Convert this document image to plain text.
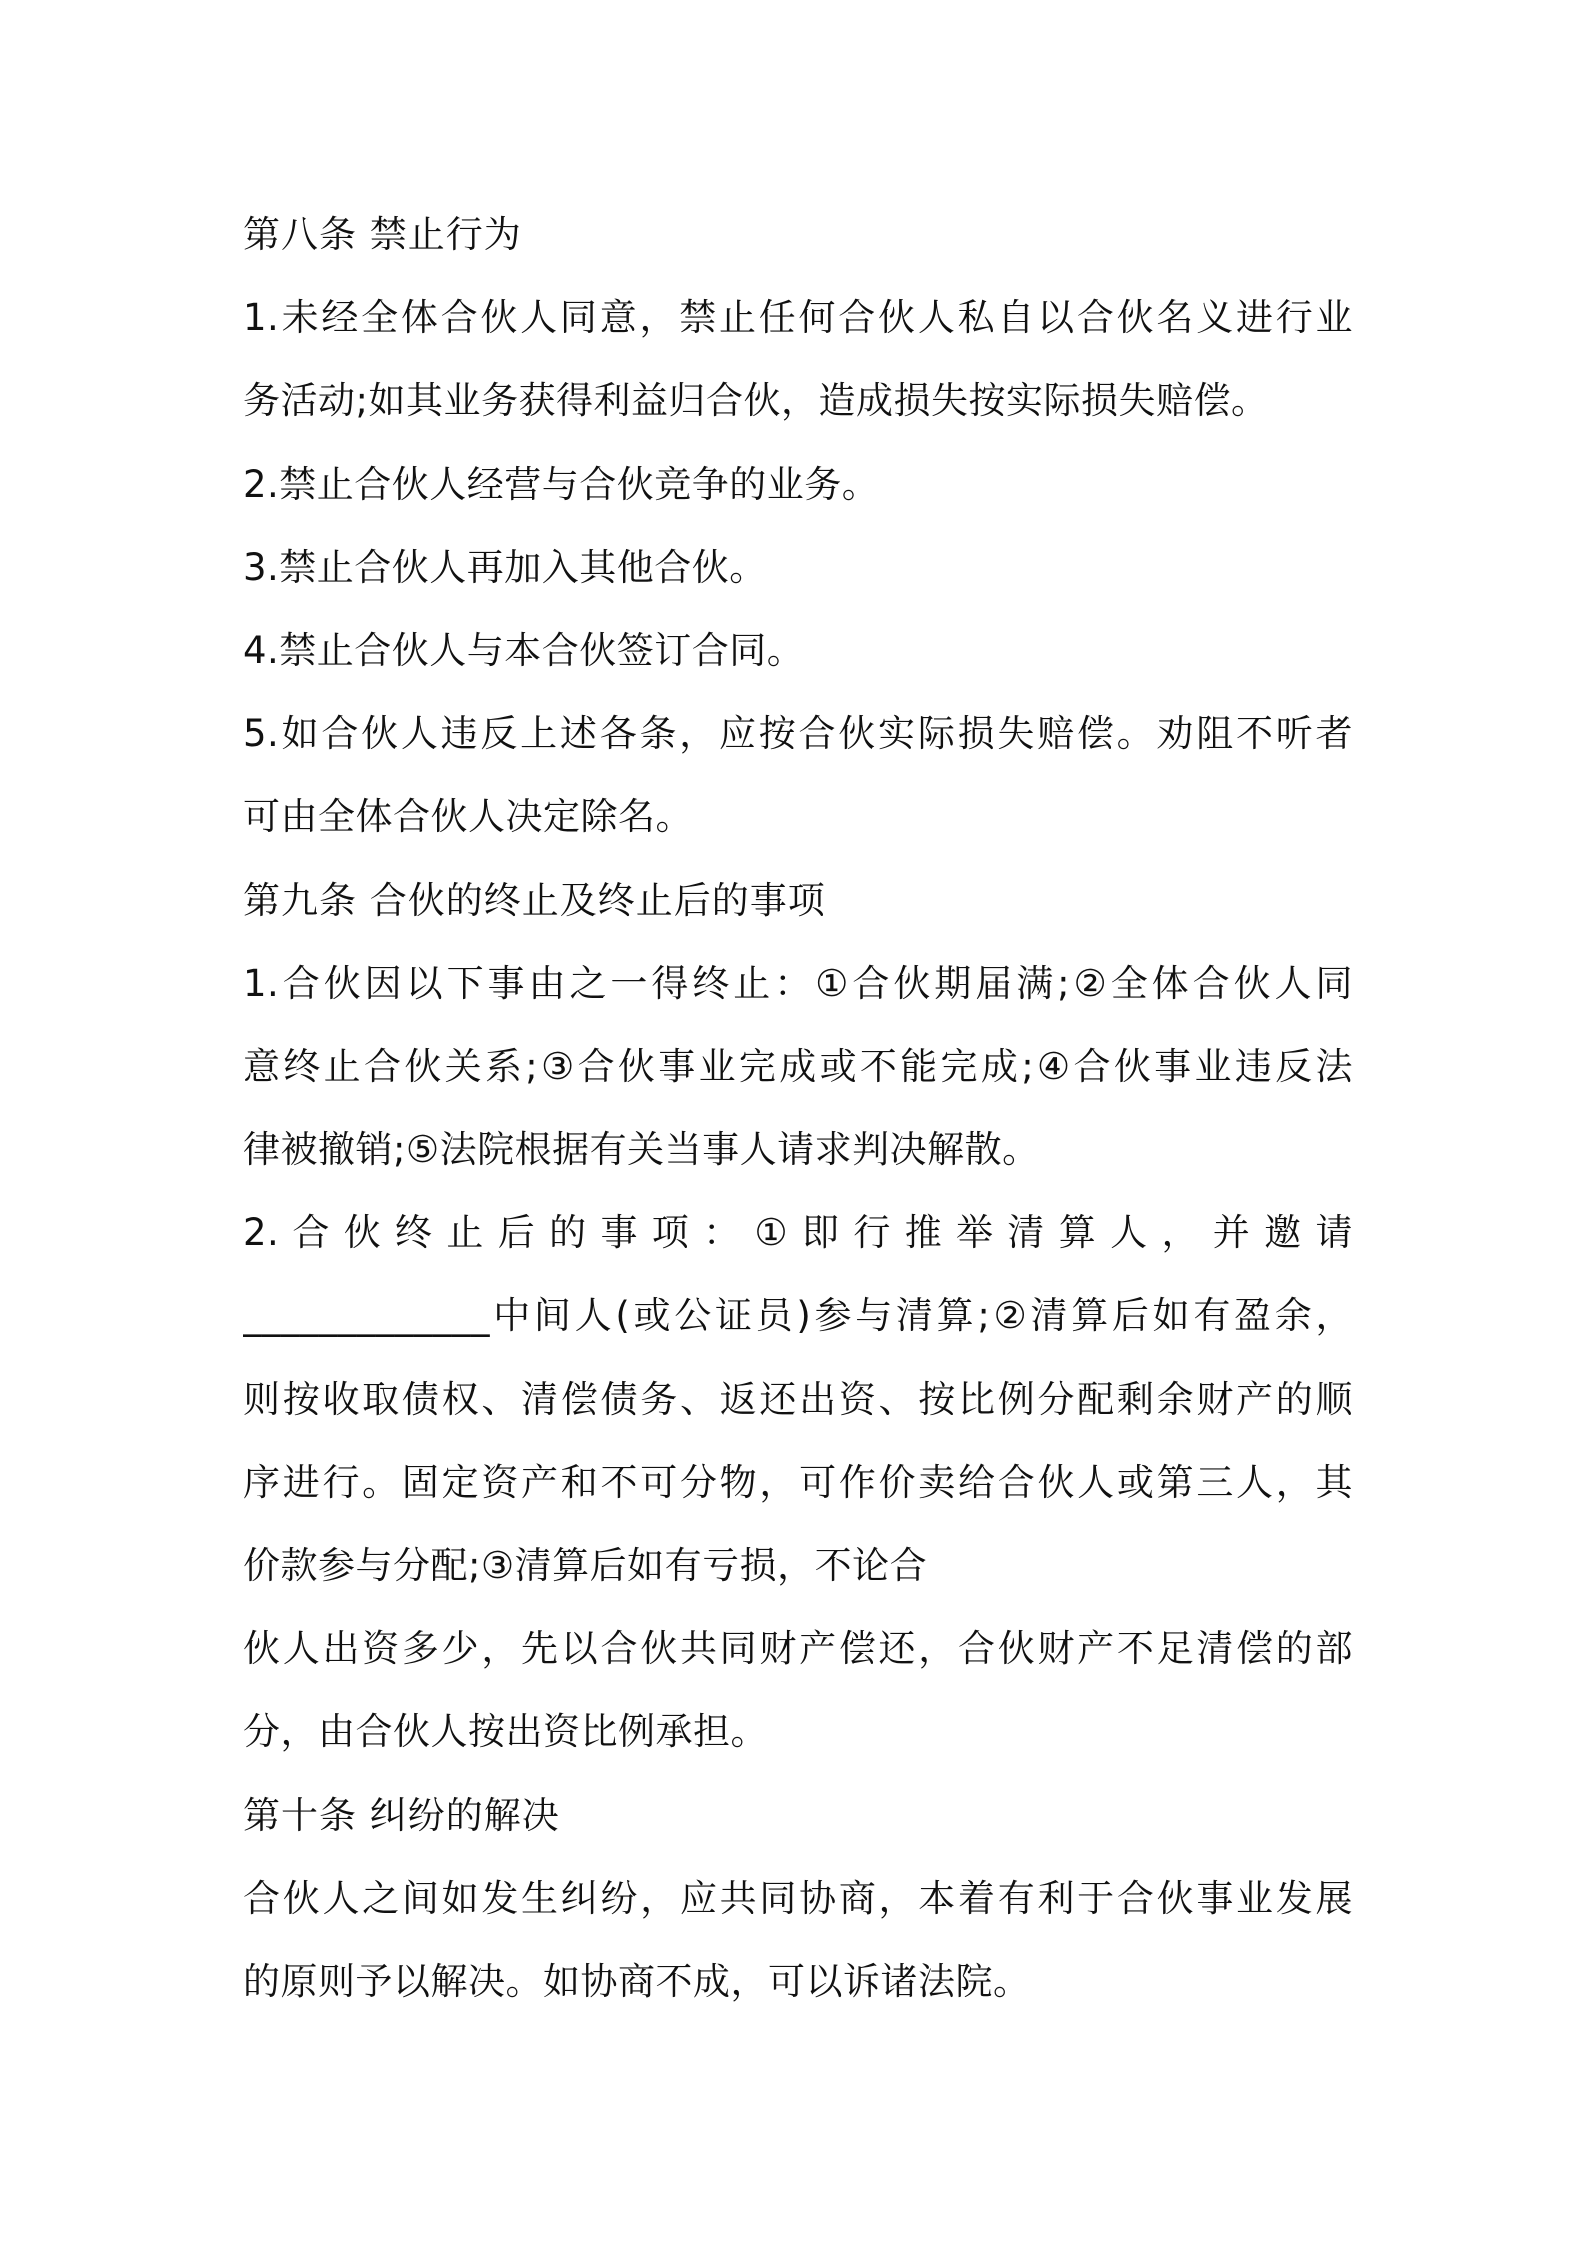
第八条 禁止行为
1.未经全体合伙人同意，禁止任何合伙人私自以合伙名义进行业
务活动;如其业务获得利益归合伙，造成损失按实际损失赔偿。
2.禁止合伙人经营与合伙竞争的业务。
3.禁止合伙人再加入其他合伙。
4.禁止合伙人与本合伙签订合同。
5.如合伙人违反上述各条，应按合伙实际损失赔偿。劝阻不听者
可由全体合伙人决定除名。
第九条 合伙的终止及终止后的事项
1.合伙因以下事由之一得终止：①合伙期届满;②全体合伙人同
意终止合伙关系;③合伙事业完成或不能完成;④合伙事业违反法
律被撤销;⑤法院根据有关当事人请求判决解散。
2. 合 伙 终 止 后 的 事 项 ： ① 即 行 推 举 清 算 人 ， 并 邀 请
_____________中间人(或公证员)参与清算;②清算后如有盈余，
则按收取债权、清偿债务、返还出资、按比例分配剩余财产的顺
序进行。固定资产和不可分物，可作价卖给合伙人或第三人，其
价款参与分配;③清算后如有亏损，不论合
伙人出资多少，先以合伙共同财产偿还，合伙财产不足清偿的部
分，由合伙人按出资比例承担。
第十条 纠纷的解决
合伙人之间如发生纠纷，应共同协商，本着有利于合伙事业发展
的原则予以解决。如协商不成，可以诉诸法院。
